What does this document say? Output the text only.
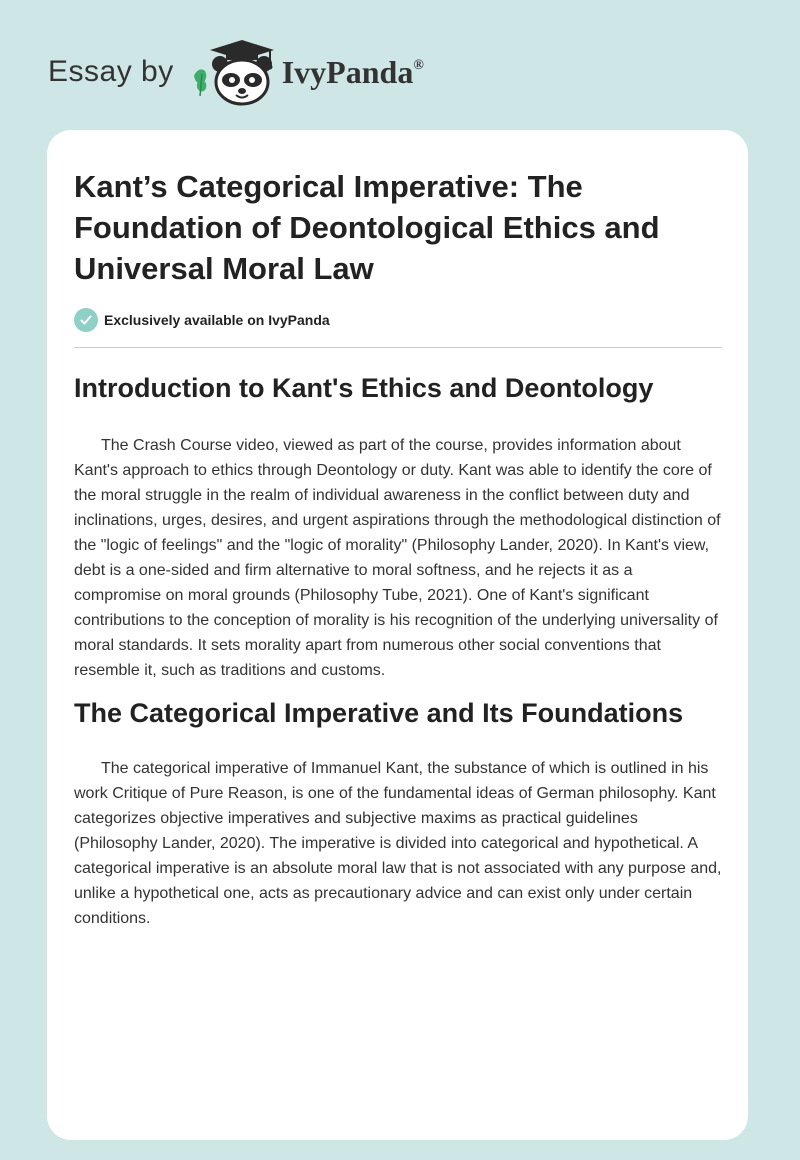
Essay by	IvyPanda®
Kant’s Categorical Imperative: The Foundation of Deontological Ethics and Universal Moral Law
Exclusively available on IvyPanda
Introduction to Kant's Ethics and Deontology

The Crash Course video, viewed as part of the course, provides information about Kant's approach to ethics through Deontology or duty. Kant was able to identify the core of the moral struggle in the realm of individual awareness in the conflict between duty and inclinations, urges, desires, and urgent aspirations through the methodological distinction of the "logic of feelings" and the "logic of morality" (Philosophy Lander, 2020). In Kant's view, debt is a one-sided and firm alternative to moral softness, and he rejects it as a compromise on moral grounds (Philosophy Tube, 2021). One of Kant's significant contributions to the conception of morality is his recognition of the underlying universality of moral standards. It sets morality apart from numerous other social conventions that resemble it, such as traditions and customs.

The Categorical Imperative and Its Foundations

The categorical imperative of Immanuel Kant, the substance of which is outlined in his work Critique of Pure Reason, is one of the fundamental ideas of German philosophy. Kant categorizes objective imperatives and subjective maxims as practical guidelines (Philosophy Lander, 2020). The imperative is divided into categorical and hypothetical. A categorical imperative is an absolute moral law that is not associated with any purpose and, unlike a hypothetical one, acts as precautionary advice and can exist only under certain conditions.
